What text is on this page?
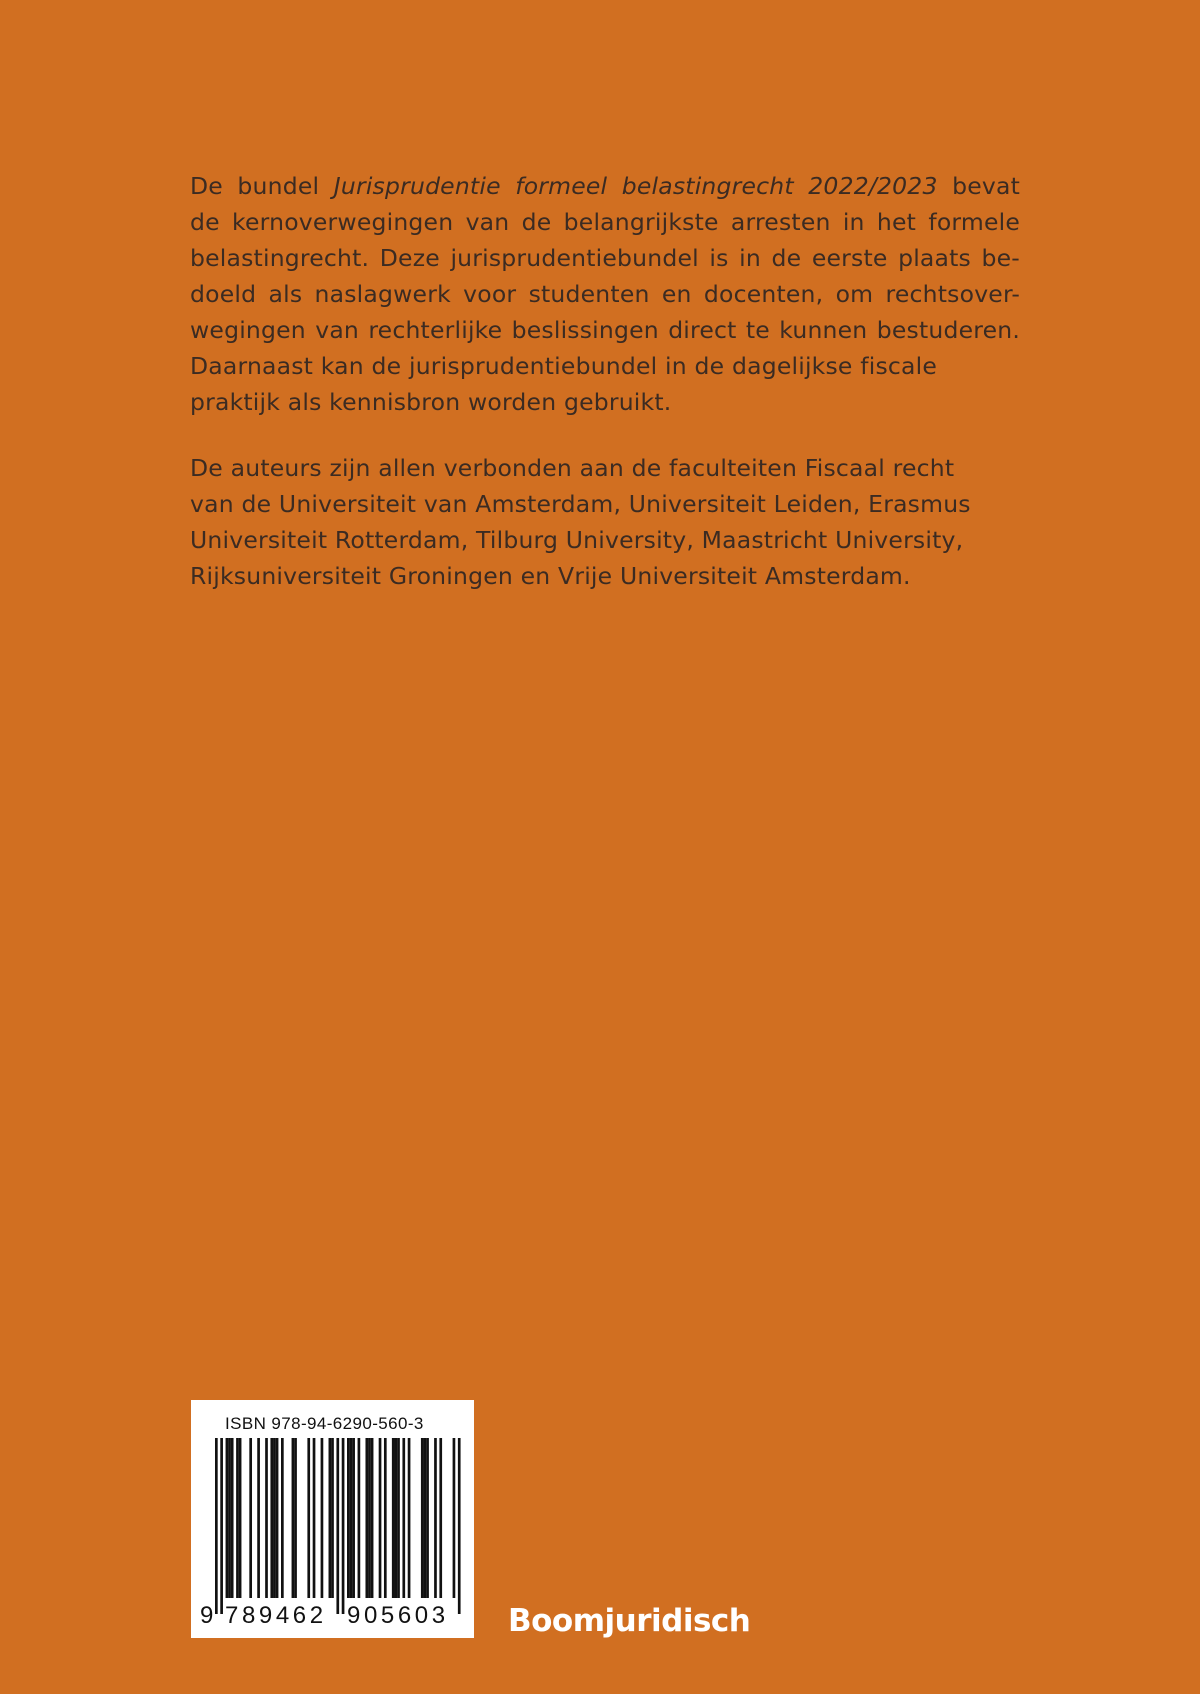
De bundel Jurisprudentie formeel belastingrecht 2022/2023 bevat
de kernoverwegingen van de belangrijkste arresten in het formele
belastingrecht. Deze jurisprudentiebundel is in de eerste plaats be-
doeld als naslagwerk voor studenten en docenten, om rechtsover-
wegingen van rechterlijke beslissingen direct te kunnen bestuderen.
Daarnaast kan de jurisprudentiebundel in de dagelijkse fiscale
praktijk als kennisbron worden gebruikt.

De auteurs zijn allen verbonden aan de faculteiten Fiscaal recht
van de Universiteit van Amsterdam, Universiteit Leiden, Erasmus
Universiteit Rotterdam, Tilburg University, Maastricht University,
Rijksuniversiteit Groningen en Vrije Universiteit Amsterdam.

ISBN 978-94-6290-560-3
9 789462 905603 Boomjuridisch
